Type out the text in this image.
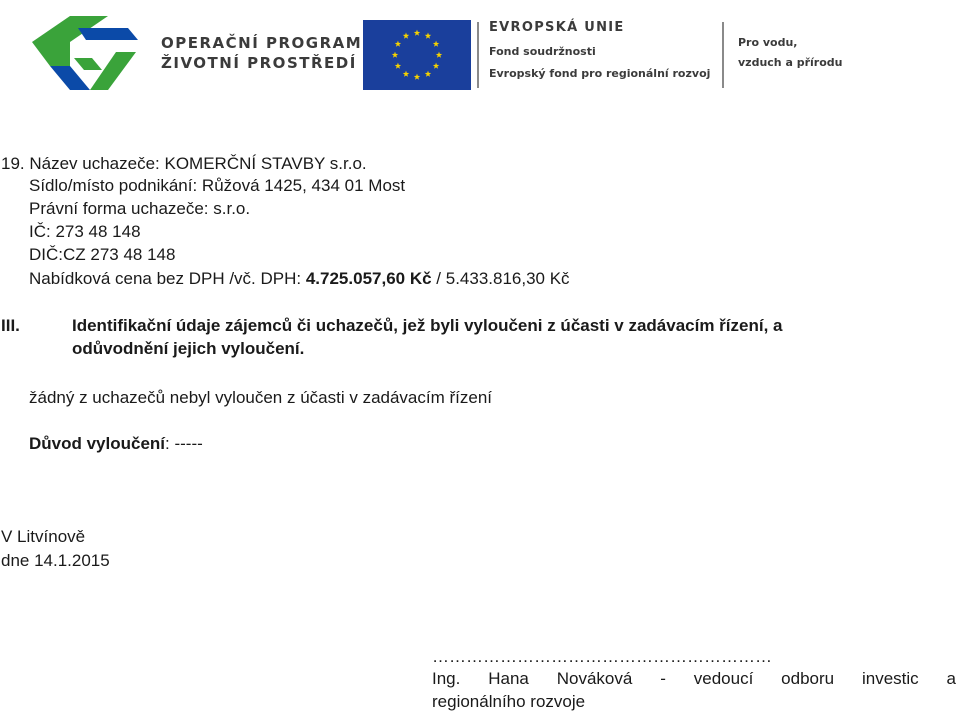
OPERAČNÍ PROGRAM
ŽIVOTNÍ PROSTŘEDÍ
EVROPSKÁ UNIE
Fond soudržnosti
Evropský fond pro regionální rozvoj
Pro vodu,
vzduch a přírodu
19. Název uchazeče: KOMERČNÍ STAVBY s.r.o.
Sídlo/místo podnikání: Růžová 1425, 434 01 Most
Právní forma uchazeče: s.r.o.
IČ: 273 48 148
DIČ:CZ 273 48 148
Nabídková cena bez DPH /vč. DPH: 4.725.057,60 Kč / 5.433.816,30 Kč
III.	Identifikační údaje zájemců či uchazečů, jež byli vyloučeni z účasti v zadávacím řízení, a
odůvodnění jejich vyloučení.
žádný z uchazečů nebyl vyloučen z účasti v zadávacím řízení
Důvod vyloučení: -----
V Litvínově
dne 14.1.2015
……………………………………………………
Ing. Hana Nováková - vedoucí odboru investic a
regionálního rozvoje
